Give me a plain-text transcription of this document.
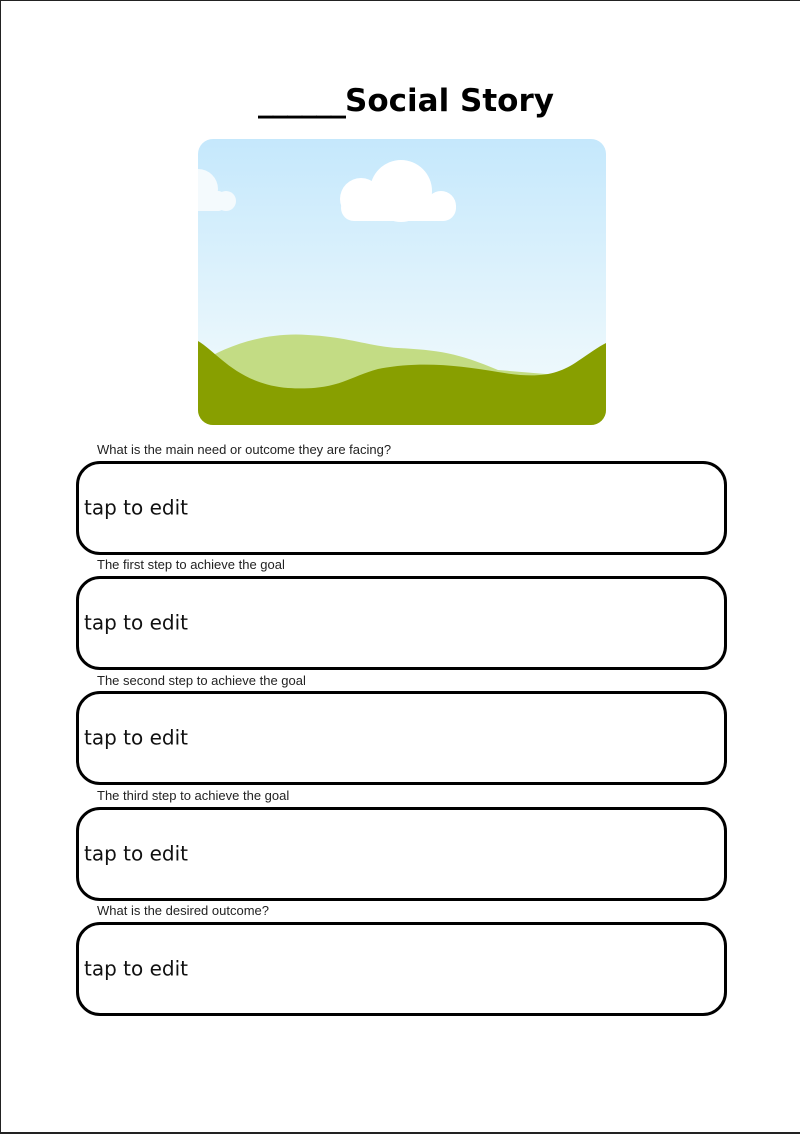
______Social Story
What is the main need or outcome they are facing?
tap to edit
The first step to achieve the goal
tap to edit
The second step to achieve the goal
tap to edit
The third step to achieve the goal
tap to edit
What is the desired outcome?
tap to edit
